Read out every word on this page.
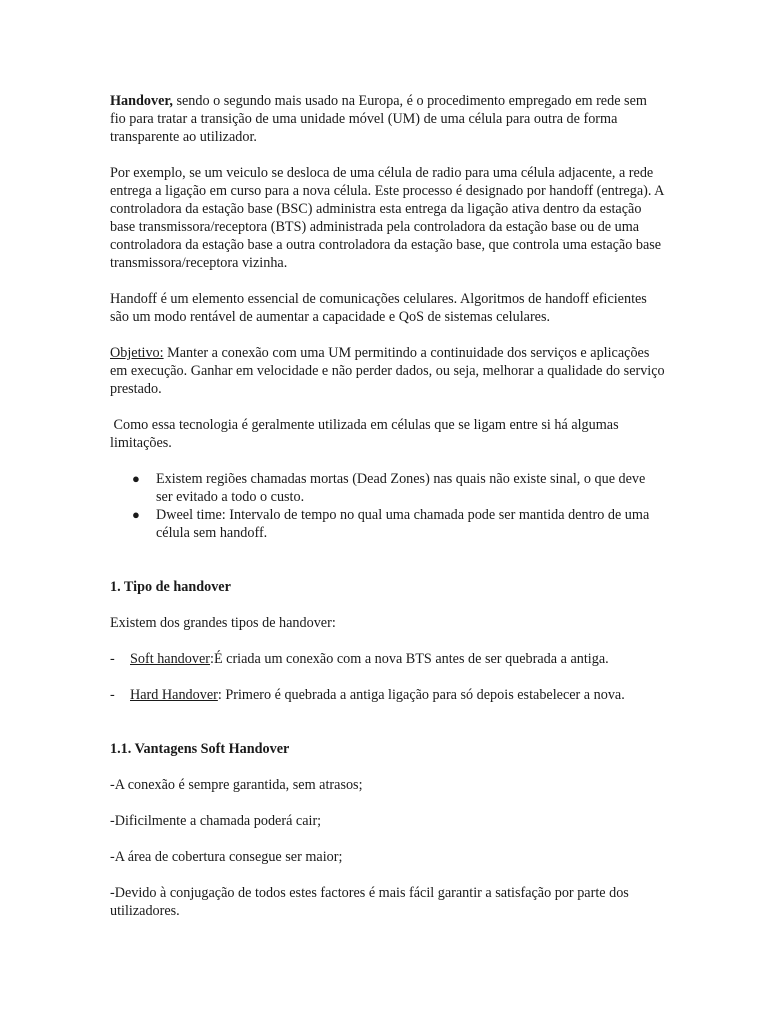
Handover, sendo o segundo mais usado na Europa, é o procedimento empregado em rede sem fio para tratar a transição de uma unidade móvel (UM) de uma célula para outra de forma transparente ao utilizador.

Por exemplo, se um veiculo se desloca de uma célula de radio para uma célula adjacente, a rede entrega a ligação em curso para a nova célula. Este processo é designado por handoff (entrega). A controladora da estação base (BSC) administra esta entrega da ligação ativa dentro da estação base transmissora/receptora (BTS) administrada pela controladora da estação base ou de uma controladora da estação base a outra controladora da estação base, que controla uma estação base transmissora/receptora vizinha.

Handoff é um elemento essencial de comunicações celulares. Algoritmos de handoff eficientes são um modo rentável de aumentar a capacidade e QoS de sistemas celulares.

Objetivo: Manter a conexão com uma UM permitindo a continuidade dos serviços e aplicações em execução. Ganhar em velocidade e não perder dados, ou seja, melhorar a qualidade do serviço prestado.

Como essa tecnologia é geralmente utilizada em células que se ligam entre si há algumas limitações.

● Existem regiões chamadas mortas (Dead Zones) nas quais não existe sinal, o que deve ser evitado a todo o custo.
● Dweel time: Intervalo de tempo no qual uma chamada pode ser mantida dentro de uma célula sem handoff.

1. Tipo de handover

Existem dos grandes tipos de handover:

- Soft handover:É criada um conexão com a nova BTS antes de ser quebrada a antiga.

- Hard Handover: Primero é quebrada a antiga ligação para só depois estabelecer a nova.

1.1. Vantagens Soft Handover

-A conexão é sempre garantida, sem atrasos;

-Dificilmente a chamada poderá cair;

-A área de cobertura consegue ser maior;

-Devido à conjugação de todos estes factores é mais fácil garantir a satisfação por parte dos utilizadores.
